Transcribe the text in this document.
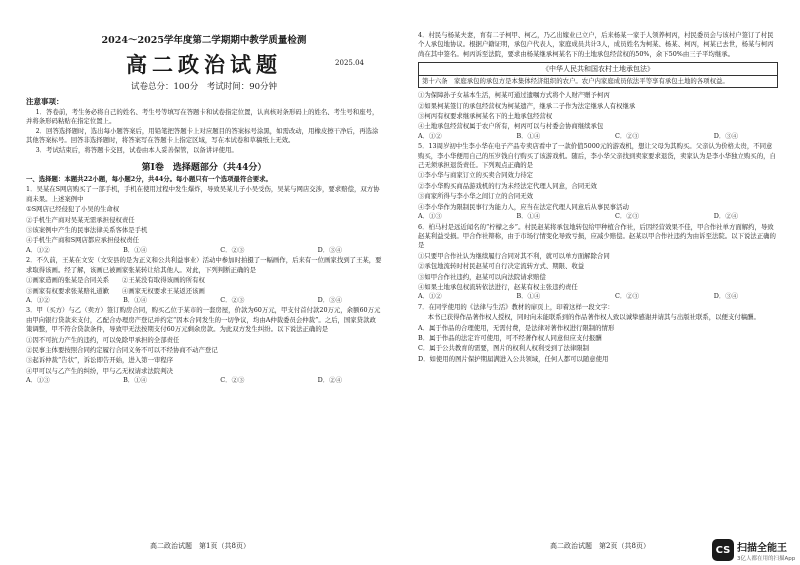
2024～2025学年度第二学期期中教学质量检测
高二政治试题	2025.04
试卷总分：100分　考试时间：90分钟
注意事项：

1．答卷前，考生务必将自己的姓名、考生号等填写在答题卡和试卷指定位置，认真核对条形码上的姓名、考生号和座号，并将条形码粘贴在指定位置上。

2．回答选择题时，选出每小题答案后，用铅笔把答题卡上对应题目的答案标号涂黑，如需改动，用橡皮擦干净后，再选涂其他答案标号。回答非选择题时，将答案写在答题卡上指定区域，写在本试卷和草稿纸上无效。

3．考试结束后，将答题卡交回，试卷由本人妥善保管，以备讲评使用。

第Ⅰ卷　选择题部分（共44分）

一、选择题：本题共22小题，每小题2分，共44分。每小题只有一个选项最符合要求。

1．吴某在S网店购买了一部手机，手机在使用过程中发生爆炸，导致吴某儿子小吴受伤，吴某与网店交涉，要求赔偿，双方协商未果。上述案例中

①S网店已经侵犯了小吴的生命权

②手机生产商对吴某无需承担侵权责任

③该案例中产生的民事法律关系客体是手机

④手机生产商和S网店都应承担侵权责任

A．①②	B．①④	C．②③	D．③④

2．不久前，王某在文安（文安县的是为正义和公共利益事业）活动中参加时拍摄了一幅画作，后来有一位画家找到了王某，要求取得该画。经了解，该画已被画家张某转让给其他人。对此，下列判断正确的是

①画家造画的张某是合同关系　　 ②王某没有取得该画的所有权

③画家有权要求张某赔礼道歉　　 ④画家无权要求王某返还该画

A．①②	B．①④	C．②③	D．③④

3．甲（买方）与乙（卖方）签订购房合同，购买乙位于某市的一套房屋，价款为60万元，甲支付首付款20万元，余额60万元由甲向银行贷款来支付，乙配合办理房产登记并约定“因本合同发生的一切争议，均由A仲裁委员会仲裁”。之后，国家贷款政策调整，甲不符合贷款条件，导致甲无法按期支付60万元剩余房款。为此双方发生纠纷。以下说法正确的是

①因不可抗力产生的违约，可以免除甲承担的全部责任

②民事主体要按照合同约定履行合同义务不可以不经协商不动产登记

③起诉仲裁“告状”，诉讼即告开始，进入第一审程序

④甲可以与乙产生的纠纷，甲与乙无权请求法院判决

A．①③	B．①④	C．②③	D．②④
高二政治试题　第1页（共8页）

4．村民与杨某夫妻，育有二子柯甲、柯乙，乃乙出嫁业已立户，后来杨某一家于人领养柯丙，村民委员会与该村户签订了村民个人承包地协议。根据户籍证明，承包户代表人，家庭成员共计3人，成员姓名为柯某、杨某、柯丙，柯某已去世，杨某与柯丙尚在其中签名。柯丙诉至法院，要求由杨某继承柯某名下的土地承包经营权的50%，余下50%由三子平均继承。

《中华人民共和国农村土地承包法》
第十六条　家庭承包的承包方是本集体经济组织的农户。农户内家庭成员依法平等享有承包土地的各项权益。

①为保障孙子女基本生活，柯某可通过遗嘱方式将个人财产赠予柯丙

②如果柯某签订的承包经营权为柯某遗产，继承二子作为法定继承人有权继承

③柯丙有权要求继承柯某名下的土地承包经营权

④土地承包经营权属于农户所有，柯丙可以与村委会协商继续承包

A．①②	B．①④	C．②③	D．③④

5．13周岁初中生李小华在电子产品专卖店看中了一款价值5000元的游戏机，想让父母为其购买。父亲认为价格太贵，不同意购买，李小华便用自己的压岁钱自行购买了该游戏机。随后，李小华父亲找到卖家要求退货，卖家认为是李小华独立购买的，自己无须承担退货责任。下列观点正确的是

①李小华与商家订立的买卖合同效力待定

②李小华购买商品游戏机的行为未经法定代理人同意，合同无效

③商家所得与李小华之间订立的合同无效

④李小华作为限制民事行为能力人，应当在法定代理人同意后从事民事活动

A．①③	B．①④	C．②③	D．②④

6．柏马村是远近闻名的“柠檬之乡”。村民赵某将承包地转包给甲种植合作社，后因经营效果不佳，甲合作社单方面解约，导致赵某利益受损。甲合作社辩称，由于市场行情变化导致亏损，应减少赔偿。赵某以甲合作社违约为由诉至法院。以下说法正确的是

①只要甲合作社认为继续履行合同对其不利，就可以单方面解除合同

②承包地流转时村民赵某可自行决定流转方式、期限、收益

③如甲合作社违约，赵某可以向法院请求赔偿

④如果土地承包权流转依法进行，赵某有权主张违约责任

A．①②	B．①④	C．②③	D．③④

7．在同学使用的《法律与生活》教材的扉页上，印着这样一段文字：

本书已获得作品著作权人授权，同时向未能联系到的作品著作权人致以诚挚感谢并请其与出版社联系，以便支付稿酬。

A．属于作品的合理使用，无需付费，是法律对著作权进行限制的情形

B．属于作品的法定许可使用，可不经著作权人同意但应支付报酬

C．属于公共教育的需要，图片的权利人权利受到了法律限制

D．如使用的图片保护期届满进入公共领域，任何人都可以随意使用

高二政治试题　第2页（共8页）	CS 扫描全能王
3亿人都在用的扫描App
